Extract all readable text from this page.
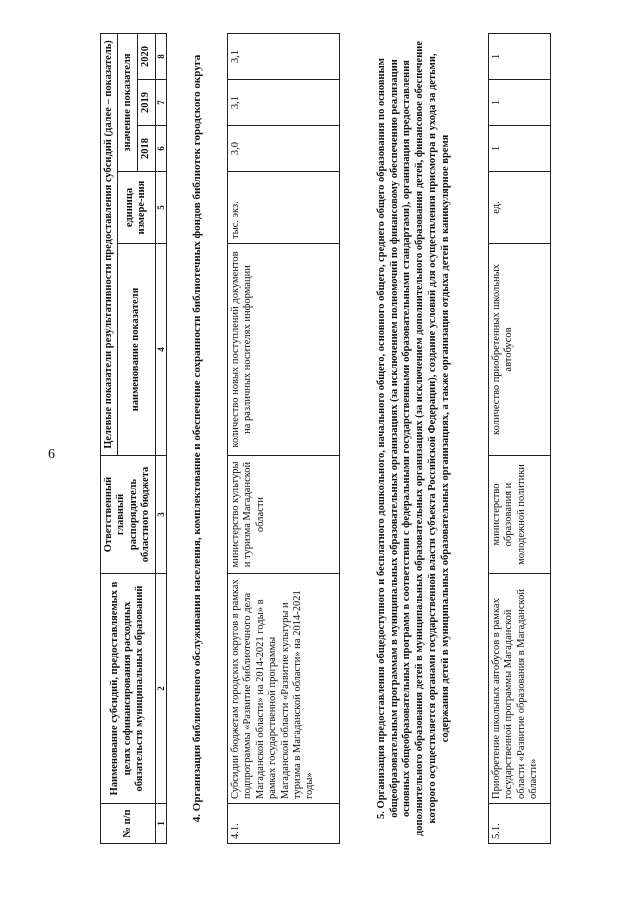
6
№ п/п	Наименование субсидий, предоставляемых в целях софинансирования расходных обязательств муниципальных образований	Ответственный главный распорядитель областного бюджета	Целевые показатели результативности предоставления субсидий (далее – показатель)				
			наименование показателя	единица измере-ния	значение показателя		
					2018	2019	2020
1	2	3	4	5	6	7	8
4. Организация библиотечного обслуживания населения, комплектование и обеспечение сохранности библиотечных фондов библиотек городского округа							
4.1.	Субсидии бюджетам городских округов в рамках подпрограммы «Развитие библиотечного дела Магаданской области» на 2014-2021 годы» в рамках государственной программы Магаданской области «Развитие культуры и туризма в Магаданской области» на 2014-2021 годы»	министерство культуры и туризма Магаданской области	количество новых поступлений документов на различных носителях информации	тыс. экз.	3,0	3,1	3,1
5. Организация предоставления общедоступного и бесплатного дошкольного, начального общего, основного общего, среднего общего образования по основным общеобразовательным программам в муниципальных образовательных организациях (за исключением полномочий по финансовому обеспечению реализации основных общеобразовательных программ в соответствии с федеральными государственными образовательными стандартами), организация предоставления дополнительного образования детей в муниципальных образовательных организациях (за исключением дополнительного образования детей, финансовое обеспечение которого осуществляется органами государственной власти субъекта Российской Федерации), создание условий для осуществления присмотра и ухода за детьми, содержания детей в муниципальных образовательных организациях, а также организация отдыха детей в каникулярное время							
5.1.	Приобретение школьных автобусов в рамках государственной программы Магаданской области «Развитие образования в Магаданской области»	министерство образования и молодежной политики	количество приобретенных школьных автобусов	ед.	1	1	1
